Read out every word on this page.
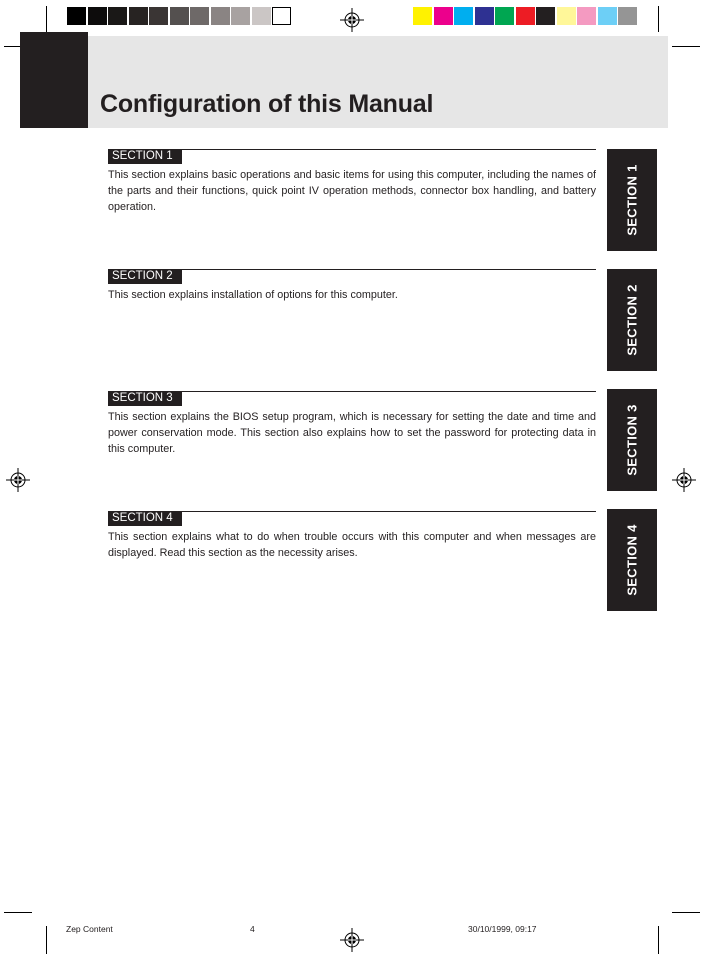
Configuration of this Manual
SECTION 1
This section explains basic operations and basic items for using this computer, including the names of the parts and their functions, quick point IV operation methods, connector box handling, and battery operation.
SECTION 2
This section explains installation of options for this computer.
SECTION 3
This section explains the BIOS setup program, which is necessary for setting the date and time and power conservation mode. This section also explains how to set the password for protecting data in this computer.
SECTION 4
This section explains what to do when trouble occurs with this computer and when messages are displayed. Read this section as the necessity arises.
SECTION 1
SECTION 2
SECTION 3
SECTION 4
Zep Content	4	30/10/1999, 09:17
